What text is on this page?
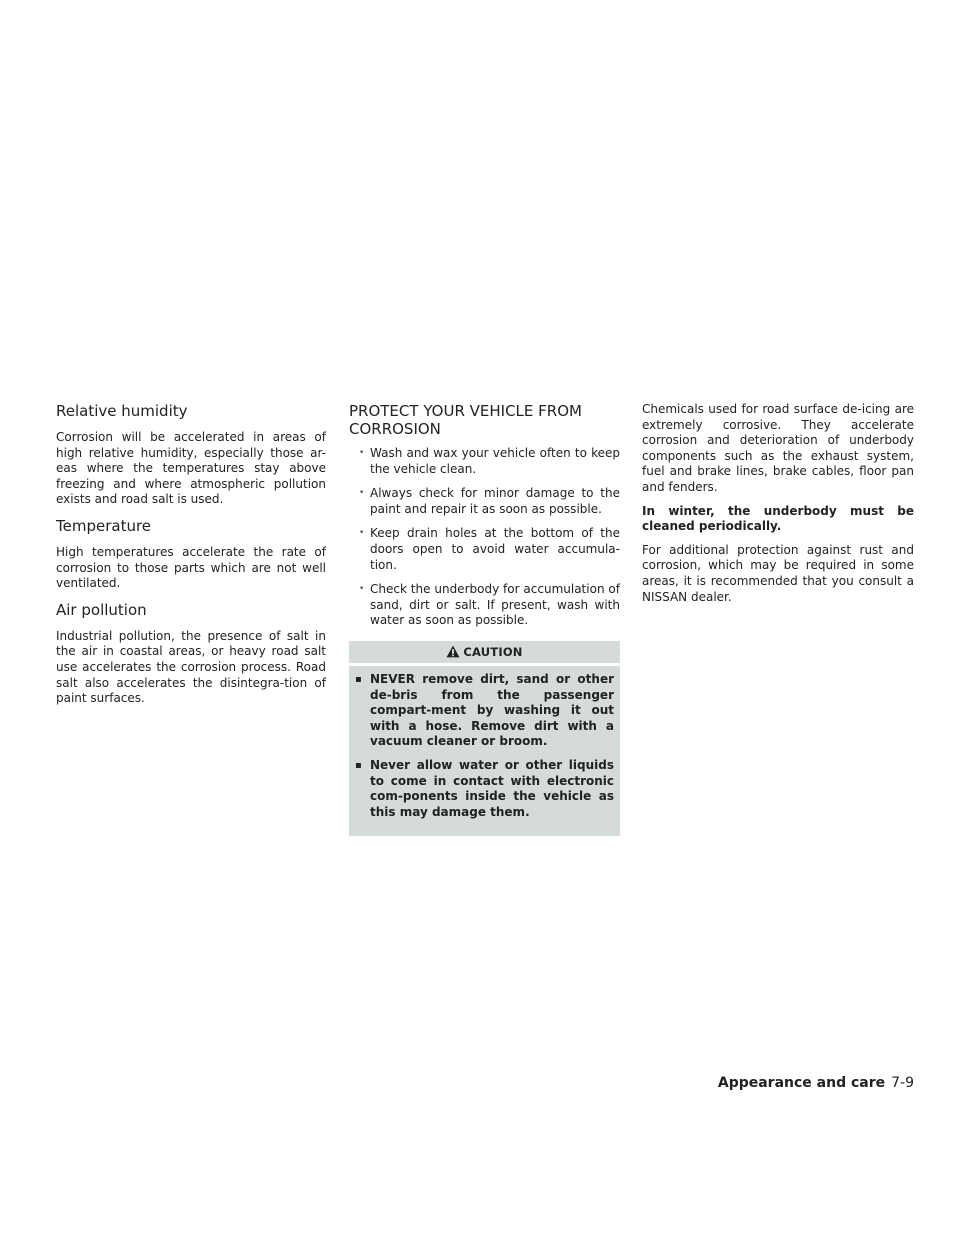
Relative humidity

Corrosion will be accelerated in areas of high relative humidity, especially those ar-eas where the temperatures stay above freezing and where atmospheric pollution exists and road salt is used.

Temperature

High temperatures accelerate the rate of corrosion to those parts which are not well ventilated.

Air pollution

Industrial pollution, the presence of salt in the air in coastal areas, or heavy road salt use accelerates the corrosion process. Road salt also accelerates the disintegra-tion of paint surfaces.

PROTECT YOUR VEHICLE FROM CORROSION
• Wash and wax your vehicle often to keep the vehicle clean.
• Always check for minor damage to the paint and repair it as soon as possible.
• Keep drain holes at the bottom of the doors open to avoid water accumula-tion.
• Check the underbody for accumulation of sand, dirt or salt. If present, wash with water as soon as possible.
CAUTION
▪ NEVER remove dirt, sand or other de-bris from the passenger compart-ment by washing it out with a hose. Remove dirt with a vacuum cleaner or broom.
▪ Never allow water or other liquids to come in contact with electronic com-ponents inside the vehicle as this may damage them.

Chemicals used for road surface de-icing are extremely corrosive. They accelerate corrosion and deterioration of underbody components such as the exhaust system, fuel and brake lines, brake cables, floor pan and fenders.

In winter, the underbody must be cleaned periodically.

For additional protection against rust and corrosion, which may be required in some areas, it is recommended that you consult a NISSAN dealer.

Appearance and care 7-9
